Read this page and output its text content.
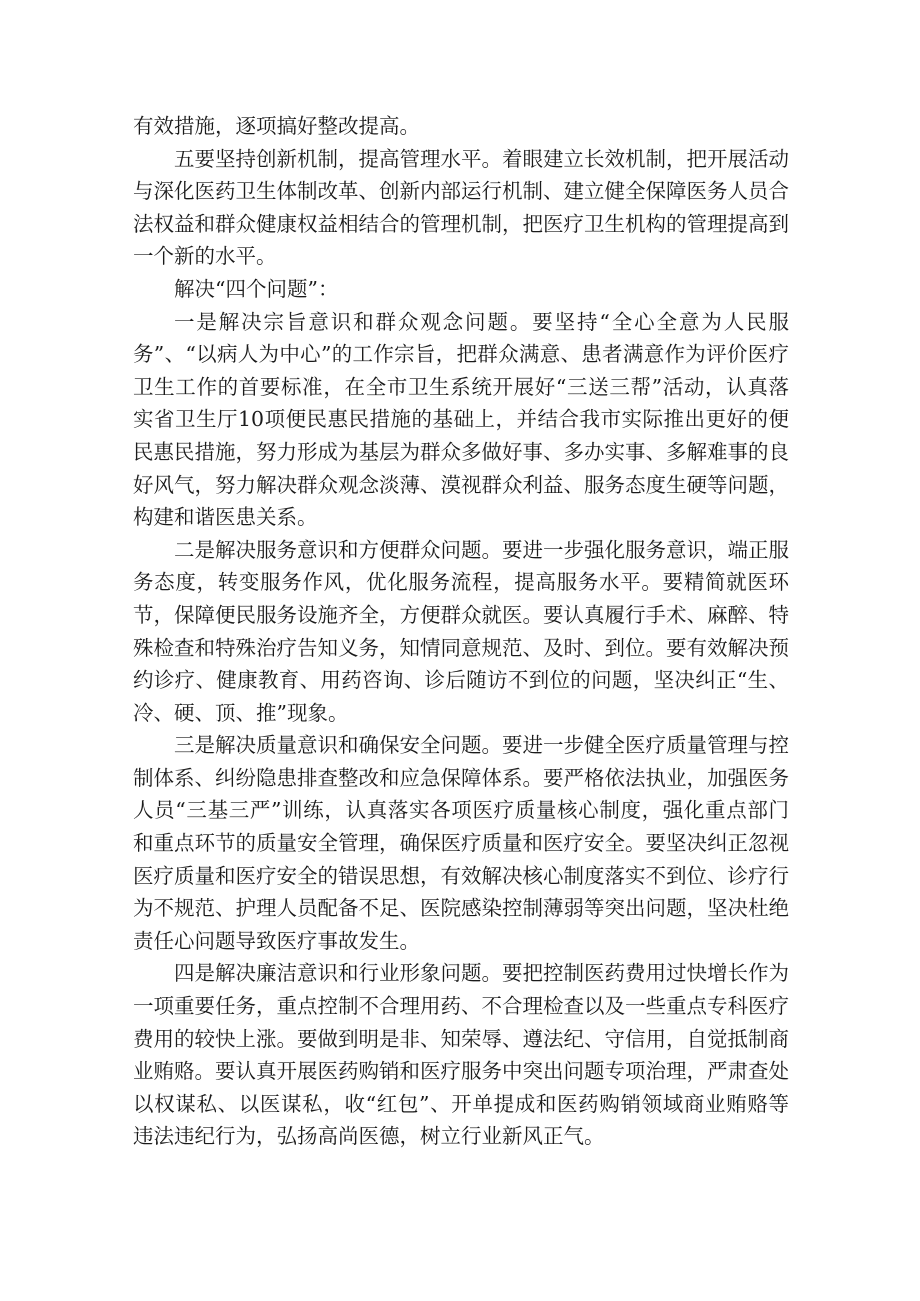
有效措施，逐项搞好整改提高。

五要坚持创新机制，提高管理水平。着眼建立长效机制，把开展活动与深化医药卫生体制改革、创新内部运行机制、建立健全保障医务人员合法权益和群众健康权益相结合的管理机制，把医疗卫生机构的管理提高到一个新的水平。

解决“四个问题”：

一是解决宗旨意识和群众观念问题。要坚持“全心全意为人民服务”、“以病人为中心”的工作宗旨，把群众满意、患者满意作为评价医疗卫生工作的首要标准，在全市卫生系统开展好“三送三帮”活动，认真落实省卫生厅10项便民惠民措施的基础上，并结合我市实际推出更好的便民惠民措施，努力形成为基层为群众多做好事、多办实事、多解难事的良好风气，努力解决群众观念淡薄、漠视群众利益、服务态度生硬等问题，构建和谐医患关系。

二是解决服务意识和方便群众问题。要进一步强化服务意识，端正服务态度，转变服务作风，优化服务流程，提高服务水平。要精简就医环节，保障便民服务设施齐全，方便群众就医。要认真履行手术、麻醉、特殊检查和特殊治疗告知义务，知情同意规范、及时、到位。要有效解决预约诊疗、健康教育、用药咨询、诊后随访不到位的问题，坚决纠正“生、冷、硬、顶、推”现象。

三是解决质量意识和确保安全问题。要进一步健全医疗质量管理与控制体系、纠纷隐患排查整改和应急保障体系。要严格依法执业，加强医务人员“三基三严”训练，认真落实各项医疗质量核心制度，强化重点部门和重点环节的质量安全管理，确保医疗质量和医疗安全。要坚决纠正忽视医疗质量和医疗安全的错误思想，有效解决核心制度落实不到位、诊疗行为不规范、护理人员配备不足、医院感染控制薄弱等突出问题，坚决杜绝责任心问题导致医疗事故发生。

四是解决廉洁意识和行业形象问题。要把控制医药费用过快增长作为一项重要任务，重点控制不合理用药、不合理检查以及一些重点专科医疗费用的较快上涨。要做到明是非、知荣辱、遵法纪、守信用，自觉抵制商业贿赂。要认真开展医药购销和医疗服务中突出问题专项治理，严肃查处以权谋私、以医谋私，收“红包”、开单提成和医药购销领域商业贿赂等违法违纪行为，弘扬高尚医德，树立行业新风正气。
